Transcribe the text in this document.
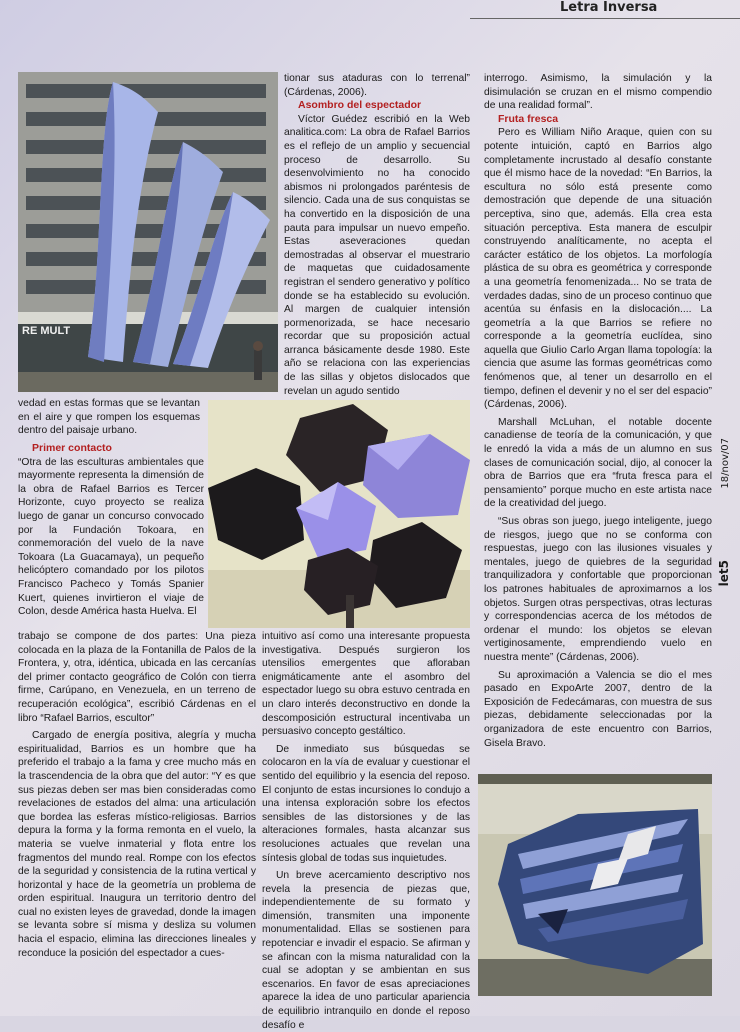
Letra Inversa
RE MULT

vedad en estas formas que se levantan en el aire y que rompen los esquemas dentro del paisaje urbano.

Primer contacto

“Otra de las esculturas ambientales que mayormente representa la dimensión de la obra de Rafael Barrios es Tercer Horizonte, cuyo proyecto se realiza luego de ganar un concurso convocado por la Fundación Tokoara, en conmemoración del vuelo de la nave Tokoara (La Guacamaya), un pequeño helicóptero comandado por los pilotos Francisco Pacheco y Tomás Spanier Kuert, quienes invirtieron el viaje de Colon, desde América hasta Huelva. El

trabajo se compone de dos partes: Una pieza colocada en la plaza de la Fontanilla de Palos de la Frontera, y, otra, idéntica, ubicada en las cercanías del primer contacto geográfico de Colón con tierra firme, Carúpano, en Venezuela, en un terreno de recuperación ecológica”, escribió Cárdenas en el libro “Rafael Barrios, escultor”

Cargado de energía positiva, alegría y mucha espiritualidad, Barrios es un hombre que ha preferido el trabajo a la fama y cree mucho más en la trascendencia de la obra que del autor: “Y es que sus piezas deben ser mas bien consideradas como revelaciones de estados del alma: una articulación que bordea las esferas místico-religiosas. Barrios depura la forma y la forma remonta en el vuelo, la materia se vuelve inmaterial y flota entre los fragmentos del mundo real. Rompe con los efectos de la seguridad y consistencia de la rutina vertical y horizontal y hace de la geometría un problema de orden espiritual. Inaugura un territorio dentro del cual no existen leyes de gravedad, donde la imagen se levanta sobre sí misma y desliza su volumen hacia el espacio, elimina las direcciones lineales y reconduce la posición del espectador a cues-

tionar sus ataduras con lo terrenal” (Cárdenas, 2006).

Asombro del espectador

Víctor Guédez escribió en la Web analitica.com: La obra de Rafael Barrios es el reflejo de un amplio y secuencial proceso de desarrollo. Su desenvolvimiento no ha conocido abismos ni prolongados paréntesis de silencio. Cada una de sus conquistas se ha convertido en la disposición de una pauta para impulsar un nuevo empeño. Estas aseveraciones quedan demostradas al observar el muestrario de maquetas que cuidadosamente registran el sendero generativo y político donde se ha establecido su evolución. Al margen de cualquier intensión pormenorizada, se hace necesario recordar que su proposición actual arranca básicamente desde 1980. Este año se relaciona con las experiencias de las sillas y objetos dislocados que revelan un agudo sentido

intuitivo así como una interesante propuesta investigativa. Después surgieron los utensilios emergentes que afloraban enigmáticamente ante el asombro del espectador luego su obra estuvo centrada en un claro interés deconstructivo en donde la descomposición estructural incentivaba un persuasivo concepto gestáltico.

De inmediato sus búsquedas se colocaron en la vía de evaluar y cuestionar el sentido del equilibrio y la esencia del reposo. El conjunto de estas incursiones lo condujo a una intensa exploración sobre los efectos sensibles de las distorsiones y de las alteraciones formales, hasta alcanzar sus resoluciones actuales que revelan una síntesis global de todas sus inquietudes.

Un breve acercamiento descriptivo nos revela la presencia de piezas que, independientemente de su formato y dimensión, transmiten una imponente monumentalidad. Ellas se sostienen para repotenciar e invadir el espacio. Se afirman y se afincan con la misma naturalidad con la cual se adoptan y se ambientan en sus escenarios. En favor de esas apreciaciones aparece la idea de uno particular apariencia de equilibrio intranquilo en donde el reposo desafío e

interrogo. Asimismo, la simulación y la disimulación se cruzan en el mismo compendio de una realidad formal”.

Fruta fresca

Pero es William Niño Araque, quien con su potente intuición, captó en Barrios algo completamente incrustado al desafío constante que él mismo hace de la novedad: “En Barrios, la escultura no sólo está presente como demostración que depende de una situación perceptiva, sino que, además. Ella crea esta situación perceptiva. Esta manera de esculpir construyendo analíticamente, no acepta el carácter estático de los objetos. La morfología plástica de su obra es geométrica y corresponde a una geometría fenomenizada... No se trata de verdades dadas, sino de un proceso continuo que acentúa su énfasis en la dislocación.... La geometría a la que Barrios se refiere no corresponde a la geometría euclídea, sino aquella que Giulio Carlo Argan llama topología: la ciencia que asume las formas geométricas como fenómenos que, al tener un desarrollo en el tiempo, definen el devenir y no el ser del espacio” (Cárdenas, 2006).

Marshall McLuhan, el notable docente canadiense de teoría de la comunicación, y que le enredó la vida a más de un alumno en sus clases de comunicación social, dijo, al conocer la obra de Barrios que era “fruta fresca para el pensamiento” porque mucho en este artista nace de la creatividad del juego.

“Sus obras son juego, juego inteligente, juego de riesgos, juego que no se conforma con respuestas, juego con las ilusiones visuales y mentales, juego de quiebres de la seguridad tranquilizadora y confortable que proporcionan los patrones habituales de aproximarnos a los objetos. Surgen otras perspectivas, otras lecturas y correspondencias acerca de los métodos de ordenar el mundo: los objetos se elevan vertiginosamente, emprendiendo vuelo en nuestra mente” (Cárdenas, 2006).

Su aproximación a Valencia se dio el mes pasado en ExpoArte 2007, dentro de la Exposición de Fedecámaras, con muestra de sus piezas, debidamente seleccionadas por la organizadora de este encuentro con Barrios, Gisela Bravo.

18/nov/07
let5
